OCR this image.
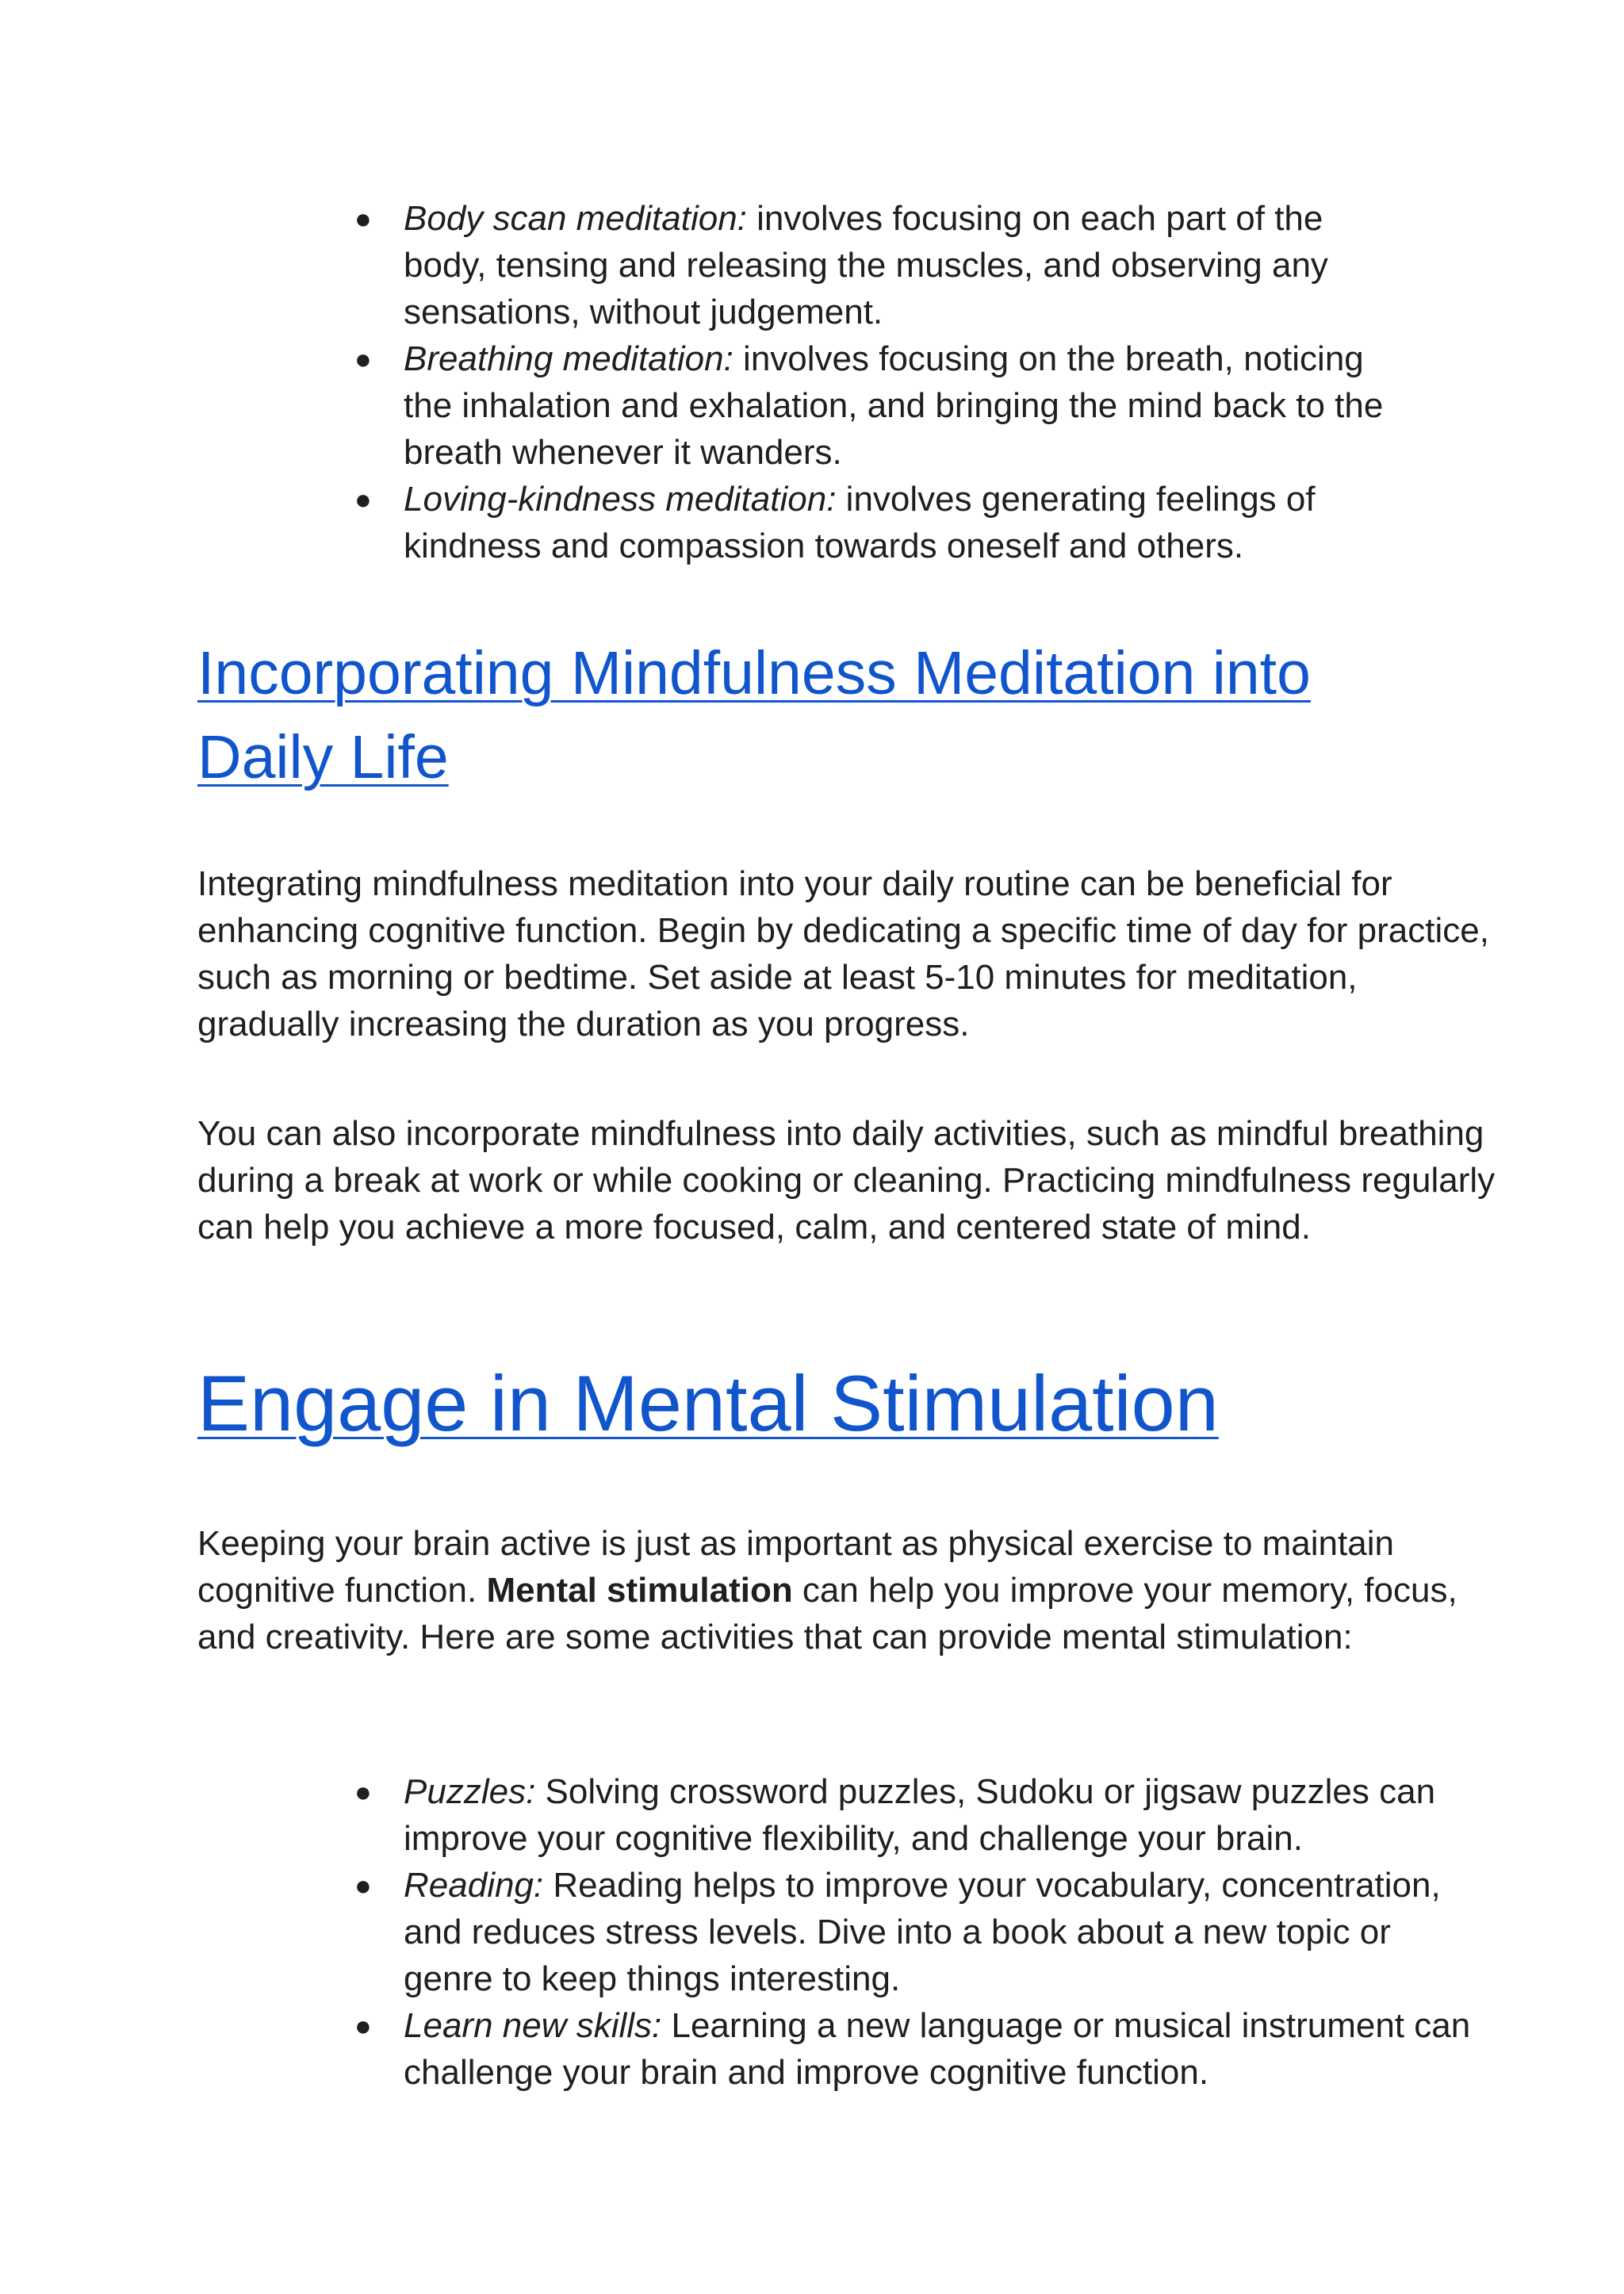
● Body scan meditation: involves focusing on each part of the body, tensing and releasing the muscles, and observing any sensations, without judgement.
● Breathing meditation: involves focusing on the breath, noticing the inhalation and exhalation, and bringing the mind back to the breath whenever it wanders.
● Loving-kindness meditation: involves generating feelings of kindness and compassion towards oneself and others.
Incorporating Mindfulness Meditation into Daily Life

Integrating mindfulness meditation into your daily routine can be beneficial for enhancing cognitive function. Begin by dedicating a specific time of day for practice, such as morning or bedtime. Set aside at least 5-10 minutes for meditation, gradually increasing the duration as you progress.

You can also incorporate mindfulness into daily activities, such as mindful breathing during a break at work or while cooking or cleaning. Practicing mindfulness regularly can help you achieve a more focused, calm, and centered state of mind.

Engage in Mental Stimulation

Keeping your brain active is just as important as physical exercise to maintain cognitive function. Mental stimulation can help you improve your memory, focus, and creativity. Here are some activities that can provide mental stimulation:

● Puzzles: Solving crossword puzzles, Sudoku or jigsaw puzzles can improve your cognitive flexibility, and challenge your brain.
● Reading: Reading helps to improve your vocabulary, concentration, and reduces stress levels. Dive into a book about a new topic or genre to keep things interesting.
● Learn new skills: Learning a new language or musical instrument can challenge your brain and improve cognitive function.
